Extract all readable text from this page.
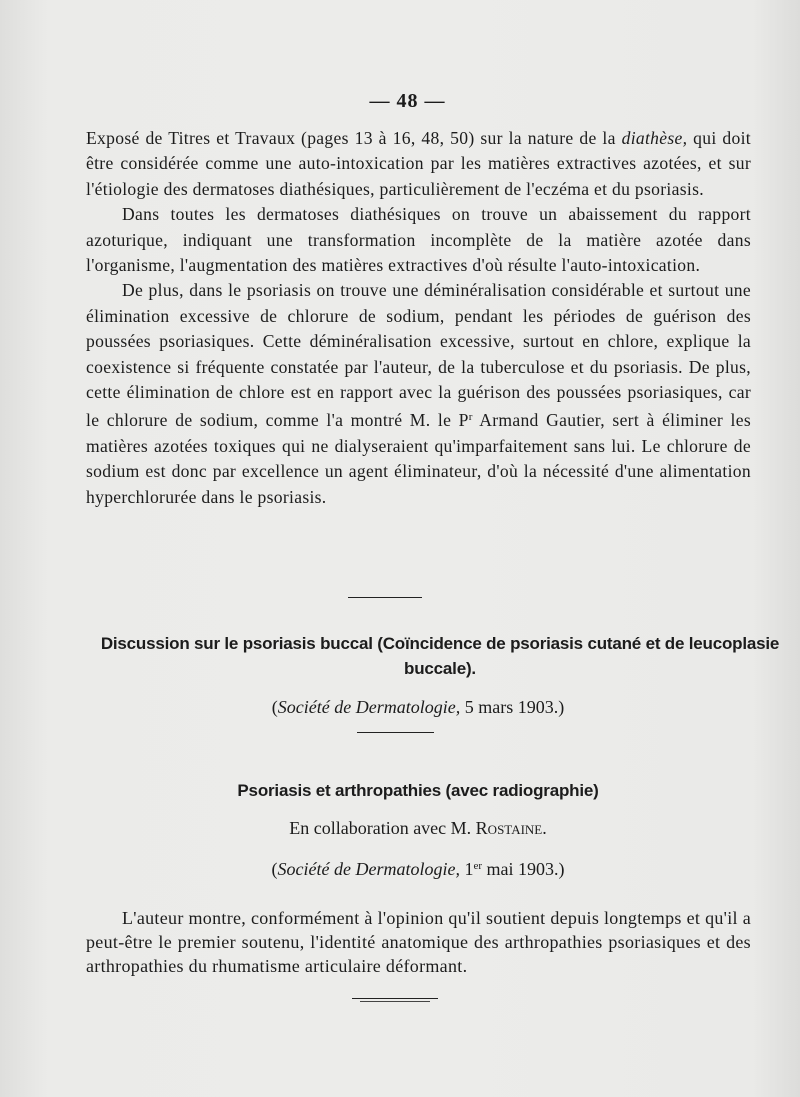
— 48 —

Exposé de Titres et Travaux (pages 13 à 16, 48, 50) sur la nature de la diathèse, qui doit être considérée comme une auto-intoxication par les matières extractives azotées, et sur l'étiologie des dermatoses diathésiques, particulièrement de l'eczéma et du psoriasis.

Dans toutes les dermatoses diathésiques on trouve un abaissement du rapport azoturique, indiquant une transformation incomplète de la matière azotée dans l'organisme, l'augmentation des matières extractives d'où résulte l'auto-intoxication.

De plus, dans le psoriasis on trouve une déminéralisation considérable et surtout une élimination excessive de chlorure de sodium, pendant les périodes de guérison des poussées psoriasiques. Cette déminéralisation excessive, surtout en chlore, explique la coexistence si fréquente constatée par l'auteur, de la tuberculose et du psoriasis. De plus, cette élimination de chlore est en rapport avec la guérison des poussées psoriasiques, car le chlorure de sodium, comme l'a montré M. le $P^r$ Armand Gautier, sert à éliminer les matières azotées toxiques qui ne dialyseraient qu'imparfaitement sans lui. Le chlorure de sodium est donc par excellence un agent éliminateur, d'où la nécessité d'une alimentation hyperchlorurée dans le psoriasis.

Discussion sur le psoriasis buccal (Coïncidence de psoriasis cutané et de leucoplasie buccale).
(Société de Dermatologie, 5 mars 1903.)
Psoriasis et arthropathies (avec radiographie)
En collaboration avec M. Rostaine.
(Société de Dermatologie, 1er mai 1903.)

L'auteur montre, conformément à l'opinion qu'il soutient depuis longtemps et qu'il a peut-être le premier soutenu, l'identité anatomique des arthropathies psoriasiques et des arthropathies du rhumatisme articulaire déformant.
